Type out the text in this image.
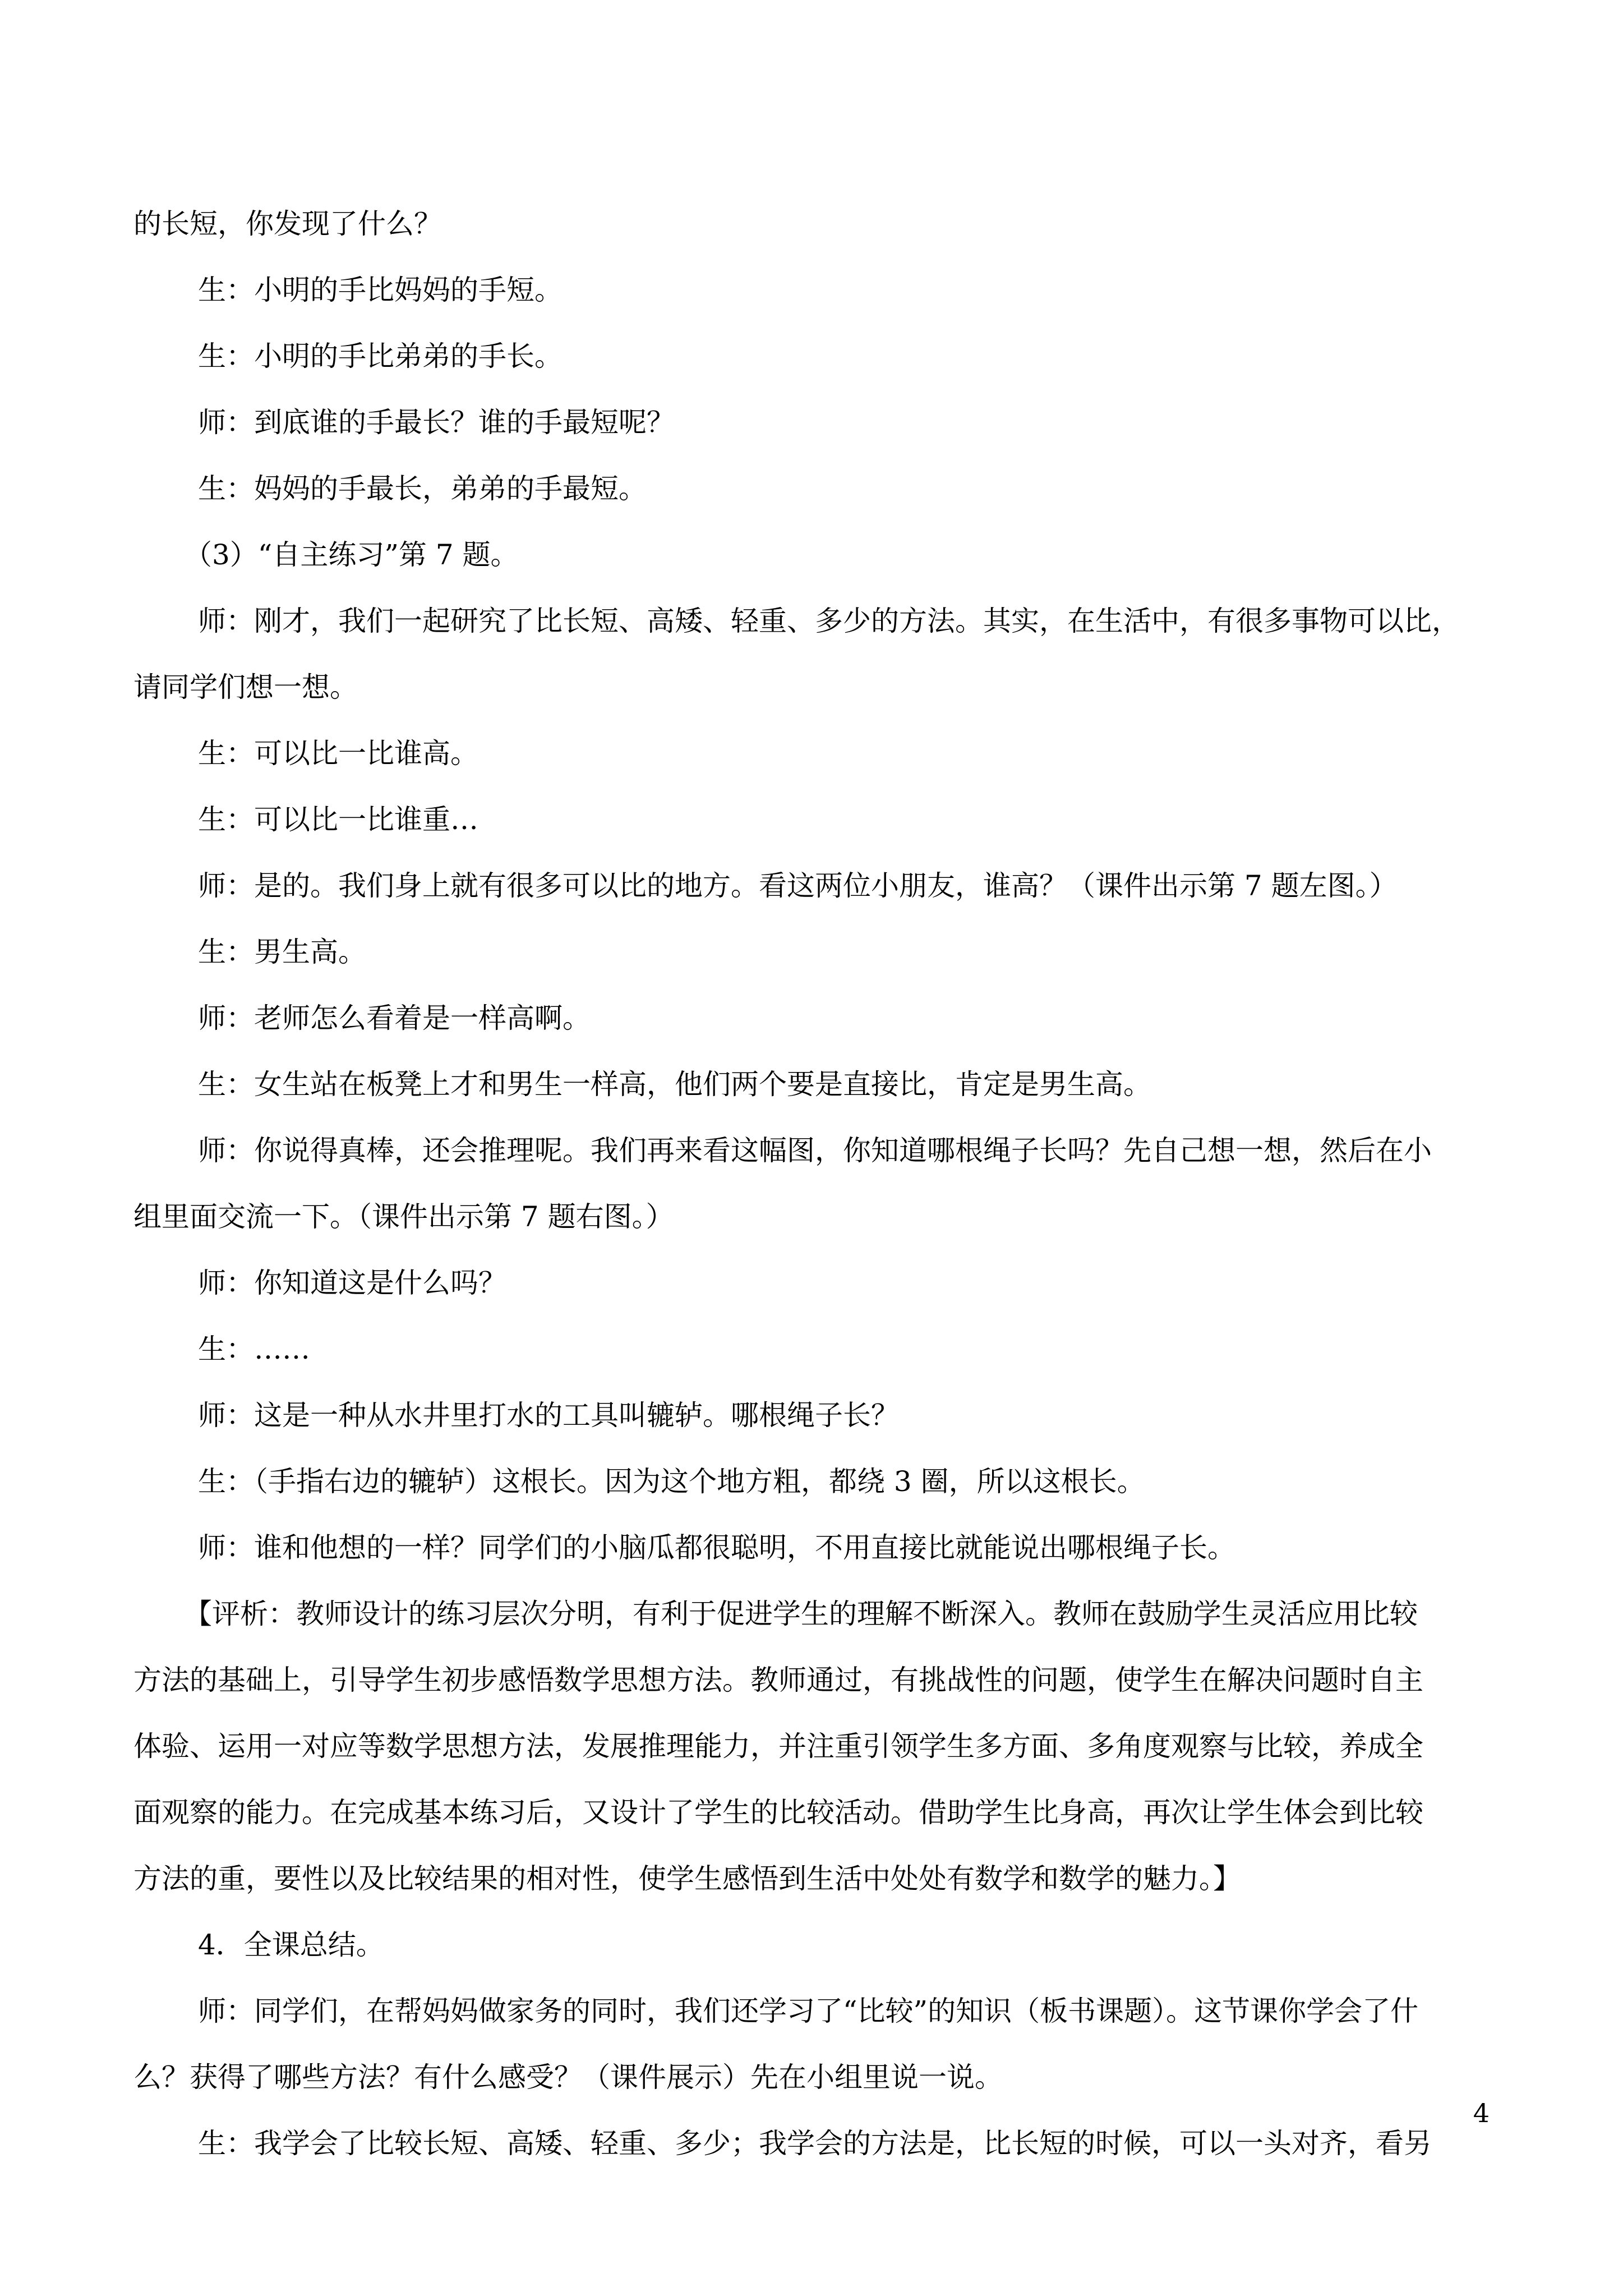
的长短，你发现了什么？

生：小明的手比妈妈的手短。

生：小明的手比弟弟的手长。

师：到底谁的手最长？谁的手最短呢？

生：妈妈的手最长，弟弟的手最短。

（3）“自主练习”第 7 题。

师：刚才，我们一起研究了比长短、高矮、轻重、多少的方法。其实，在生活中，有很多事物可以比，

请同学们想一想。

生：可以比一比谁高。

生：可以比一比谁重…

师：是的。我们身上就有很多可以比的地方。看这两位小朋友，谁高？（课件出示第 7 题左图。）

生：男生高。

师：老师怎么看着是一样高啊。

生：女生站在板凳上才和男生一样高，他们两个要是直接比，肯定是男生高。

师：你说得真棒，还会推理呢。我们再来看这幅图，你知道哪根绳子长吗？先自己想一想，然后在小

组里面交流一下。（课件出示第 7 题右图。）

师：你知道这是什么吗？

生：……

师：这是一种从水井里打水的工具叫辘轳。哪根绳子长？

生：（手指右边的辘轳）这根长。因为这个地方粗，都绕 3 圈，所以这根长。

师：谁和他想的一样？同学们的小脑瓜都很聪明，不用直接比就能说出哪根绳子长。

【评析：教师设计的练习层次分明，有利于促进学生的理解不断深入。教师在鼓励学生灵活应用比较

方法的基础上，引导学生初步感悟数学思想方法。教师通过，有挑战性的问题，使学生在解决问题时自主

体验、运用一对应等数学思想方法，发展推理能力，并注重引领学生多方面、多角度观察与比较，养成全

面观察的能力。在完成基本练习后，又设计了学生的比较活动。借助学生比身高，再次让学生体会到比较

方法的重，要性以及比较结果的相对性，使学生感悟到生活中处处有数学和数学的魅力。】

4．全课总结。

师：同学们，在帮妈妈做家务的同时，我们还学习了“比较”的知识（板书课题）。这节课你学会了什

么？获得了哪些方法？有什么感受？（课件展示）先在小组里说一说。

生：我学会了比较长短、高矮、轻重、多少；我学会的方法是，比长短的时候，可以一头对齐，看另

4
